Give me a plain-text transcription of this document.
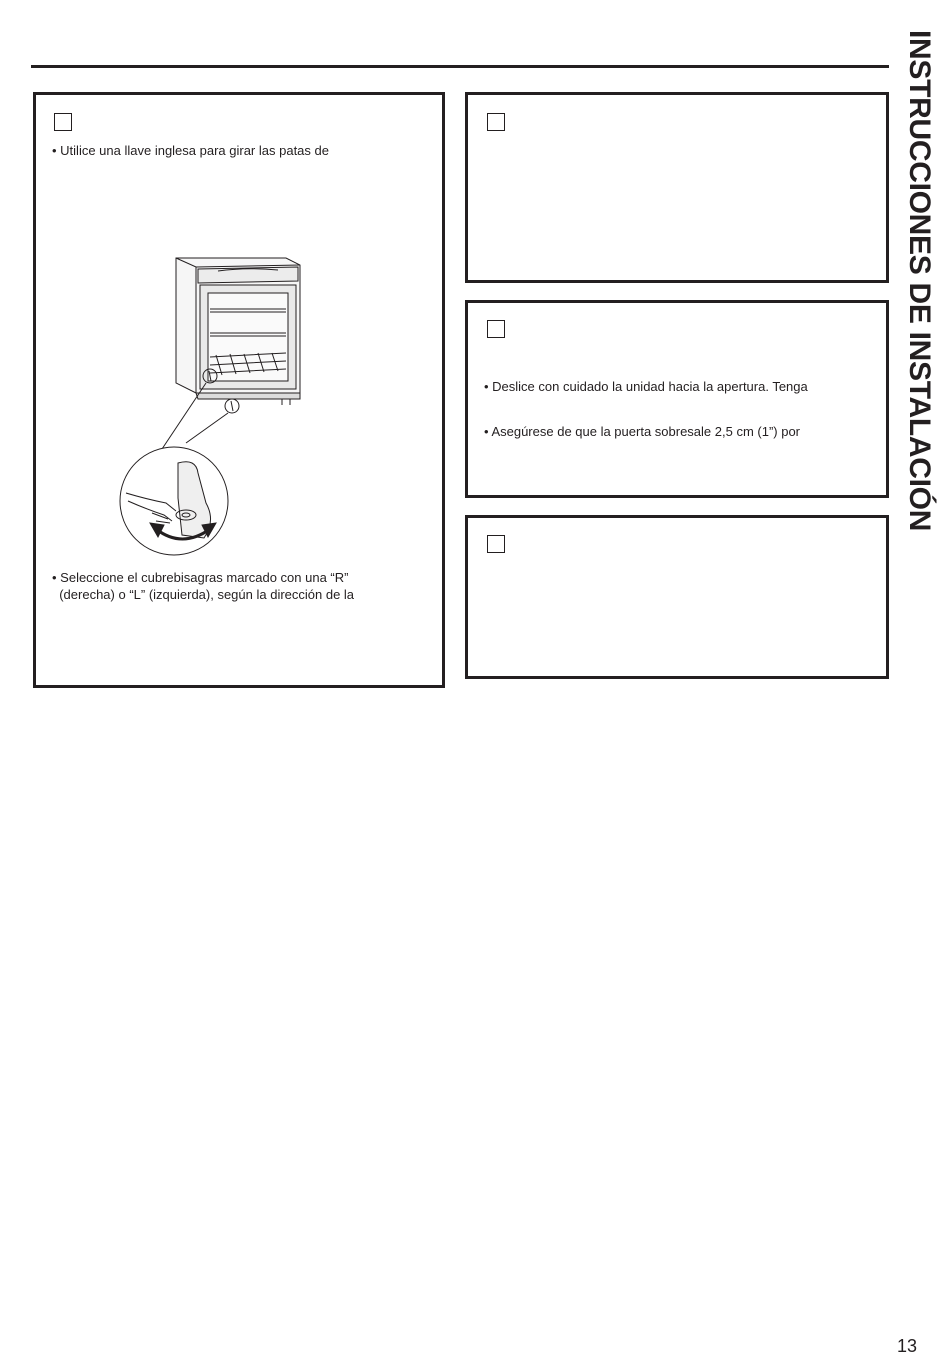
INSTRUCCIONES DE INSTALACIÓN
• Utilice una llave inglesa para girar las patas de
• Seleccione el cubrebisagras marcado con una “R”
(derecha) o “L” (izquierda), según la dirección de la
• Deslice con cuidado la unidad hacia la apertura. Tenga
• Asegúrese de que la puerta sobresale 2,5 cm (1”) por
13
